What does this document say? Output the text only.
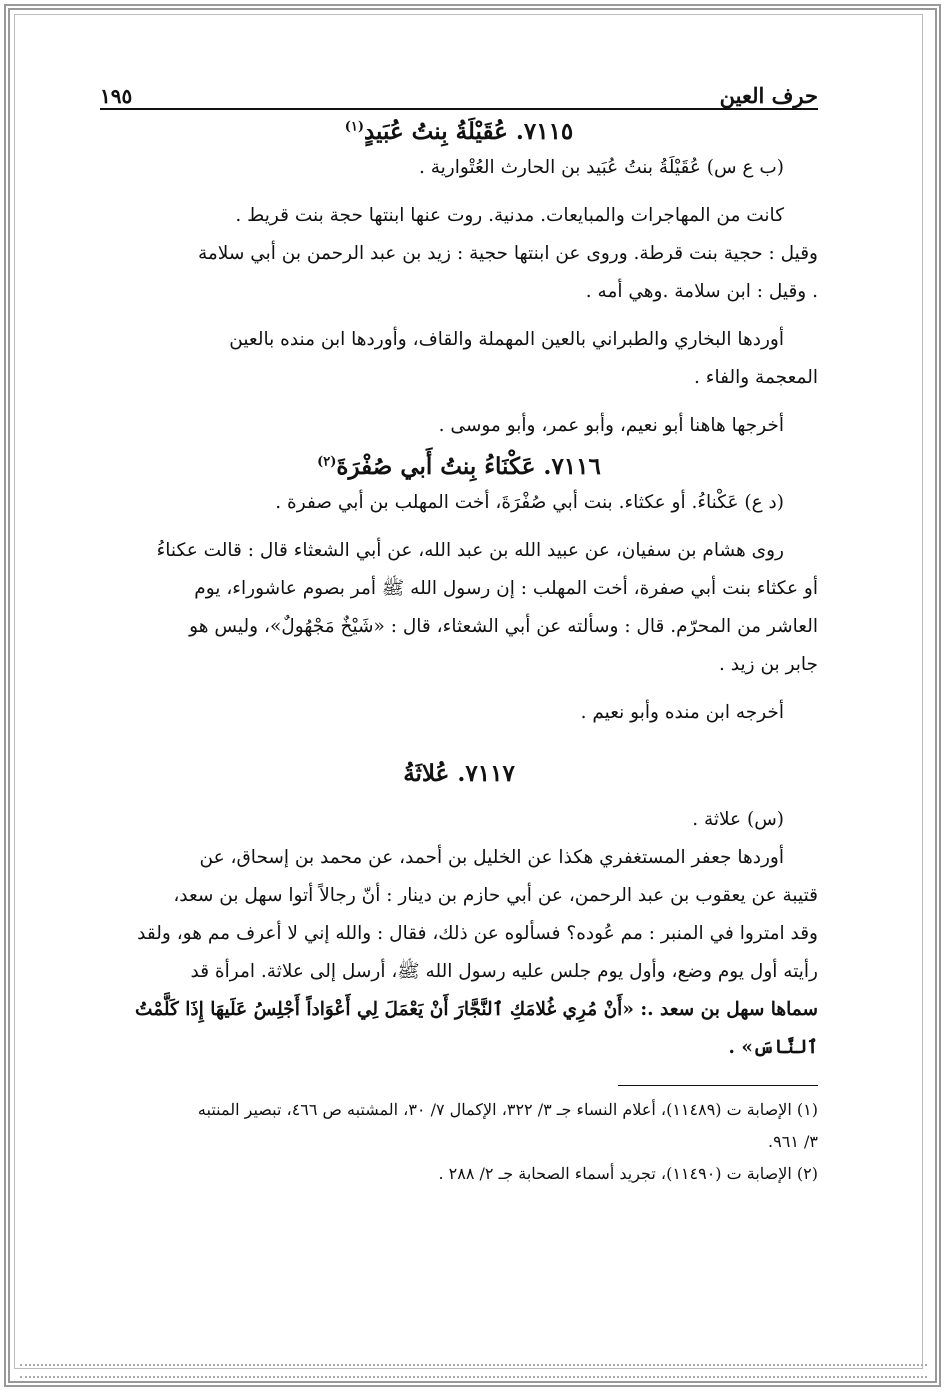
حرف العين
١٩٥
٧١١٥. عُقَيْلَةُ بِنتُ عُبَيدٍ$^{(١)}$

(ب ع س) عُقَيْلَةُ بنتُ عُبَيد بن الحارث العُتْوارية .

كانت من المهاجرات والمبايعات. مدنية. روت عنها ابنتها حجة بنت قريط .

وقيل : حجية بنت قرطة. وروى عن ابنتها حجية : زيد بن عبد الرحمن بن أبي سلامة

. وقيل : ابن سلامة .وهي أمه .

أوردها البخاري والطبراني بالعين المهملة والقاف، وأوردها ابن منده بالعين

المعجمة والفاء .

أخرجها هاهنا أبو نعيم، وأبو عمر، وأبو موسى .

٧١١٦. عَكْنَاءُ بِنتُ أَبي صُفْرَةَ$^{(٢)}$

(د ع) عَكْناءُ. أو عكثاء. بنت أبي صُفْرَةَ، أخت المهلب بن أبي صفرة .

روى هشام بن سفيان، عن عبيد الله بن عبد الله، عن أبي الشعثاء قال : قالت عكناءُ

أو عكثاء بنت أبي صفرة، أخت المهلب : إن رسول الله ﷺ أمر بصوم عاشوراء، يوم

العاشر من المحرّم. قال : وسألته عن أبي الشعثاء، قال : «شَيْخٌ مَجْهُولٌ»، وليس هو

جابر بن زيد .

أخرجه ابن منده وأبو نعيم .

٧١١٧. عُلاثَةُ

(س) علاثة .

أوردها جعفر المستغفري هكذا عن الخليل بن أحمد، عن محمد بن إسحاق، عن

قتيبة عن يعقوب بن عبد الرحمن، عن أبي حازم بن دينار : أنّ رجالاً أتوا سهل بن سعد،

وقد امتروا في المنبر : مم عُوده؟ فسألوه عن ذلك، فقال : والله إني لا أعرف مم هو، ولقد

رأيته أول يوم وضع، وأول يوم جلس عليه رسول الله ﷺ، أرسل إلى علاثة. امرأة قد

سماها سهل بن سعد .: «أَنْ مُرِي غُلامَكِ ٱلنَّجَّارَ أَنْ يَعْمَلَ لِي أَعْوَاداً أَجْلِسُ عَلَيهَا إِذَا كَلَّمْتُ

ٱلنَّاسَ» .

(١) الإصابة ت (١١٤٨٩)، أعلام النساء جـ ٣/ ٣٢٢، الإكمال ٧/ ٣٠، المشتبه ص ٤٦٦، تبصير المنتبه

٣/ ٩٦١.

(٢) الإصابة ت (١١٤٩٠)، تجريد أسماء الصحابة جـ ٢/ ٢٨٨ .
